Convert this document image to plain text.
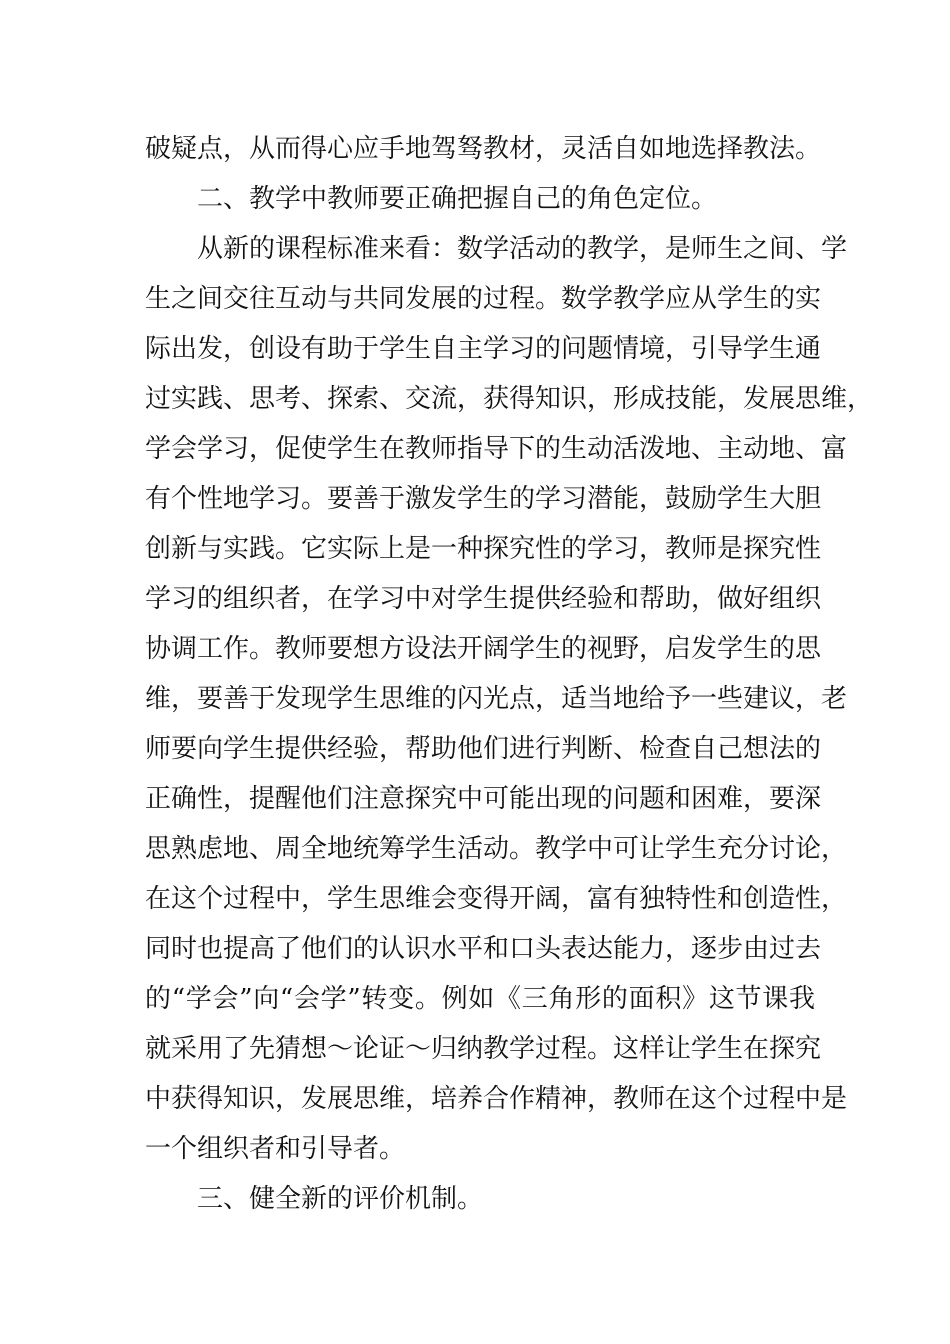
破疑点，从而得心应手地驾驽教材，灵活自如地选择教法。
二、教学中教师要正确把握自己的角色定位。
从新的课程标准来看：数学活动的教学，是师生之间、学
生之间交往互动与共同发展的过程。数学教学应从学生的实
际出发，创设有助于学生自主学习的问题情境，引导学生通
过实践、思考、探索、交流，获得知识，形成技能，发展思维，
学会学习，促使学生在教师指导下的生动活泼地、主动地、富
有个性地学习。要善于激发学生的学习潜能，鼓励学生大胆
创新与实践。它实际上是一种探究性的学习，教师是探究性
学习的组织者，在学习中对学生提供经验和帮助，做好组织
协调工作。教师要想方设法开阔学生的视野，启发学生的思
维，要善于发现学生思维的闪光点，适当地给予一些建议，老
师要向学生提供经验，帮助他们进行判断、检查自己想法的
正确性，提醒他们注意探究中可能出现的问题和困难，要深
思熟虑地、周全地统筹学生活动。教学中可让学生充分讨论，
在这个过程中，学生思维会变得开阔，富有独特性和创造性，
同时也提高了他们的认识水平和口头表达能力，逐步由过去
的“学会”向“会学”转变。例如《三角形的面积》这节课我
就采用了先猜想～论证～归纳教学过程。这样让学生在探究
中获得知识，发展思维，培养合作精神，教师在这个过程中是
一个组织者和引导者。
三、健全新的评价机制。
